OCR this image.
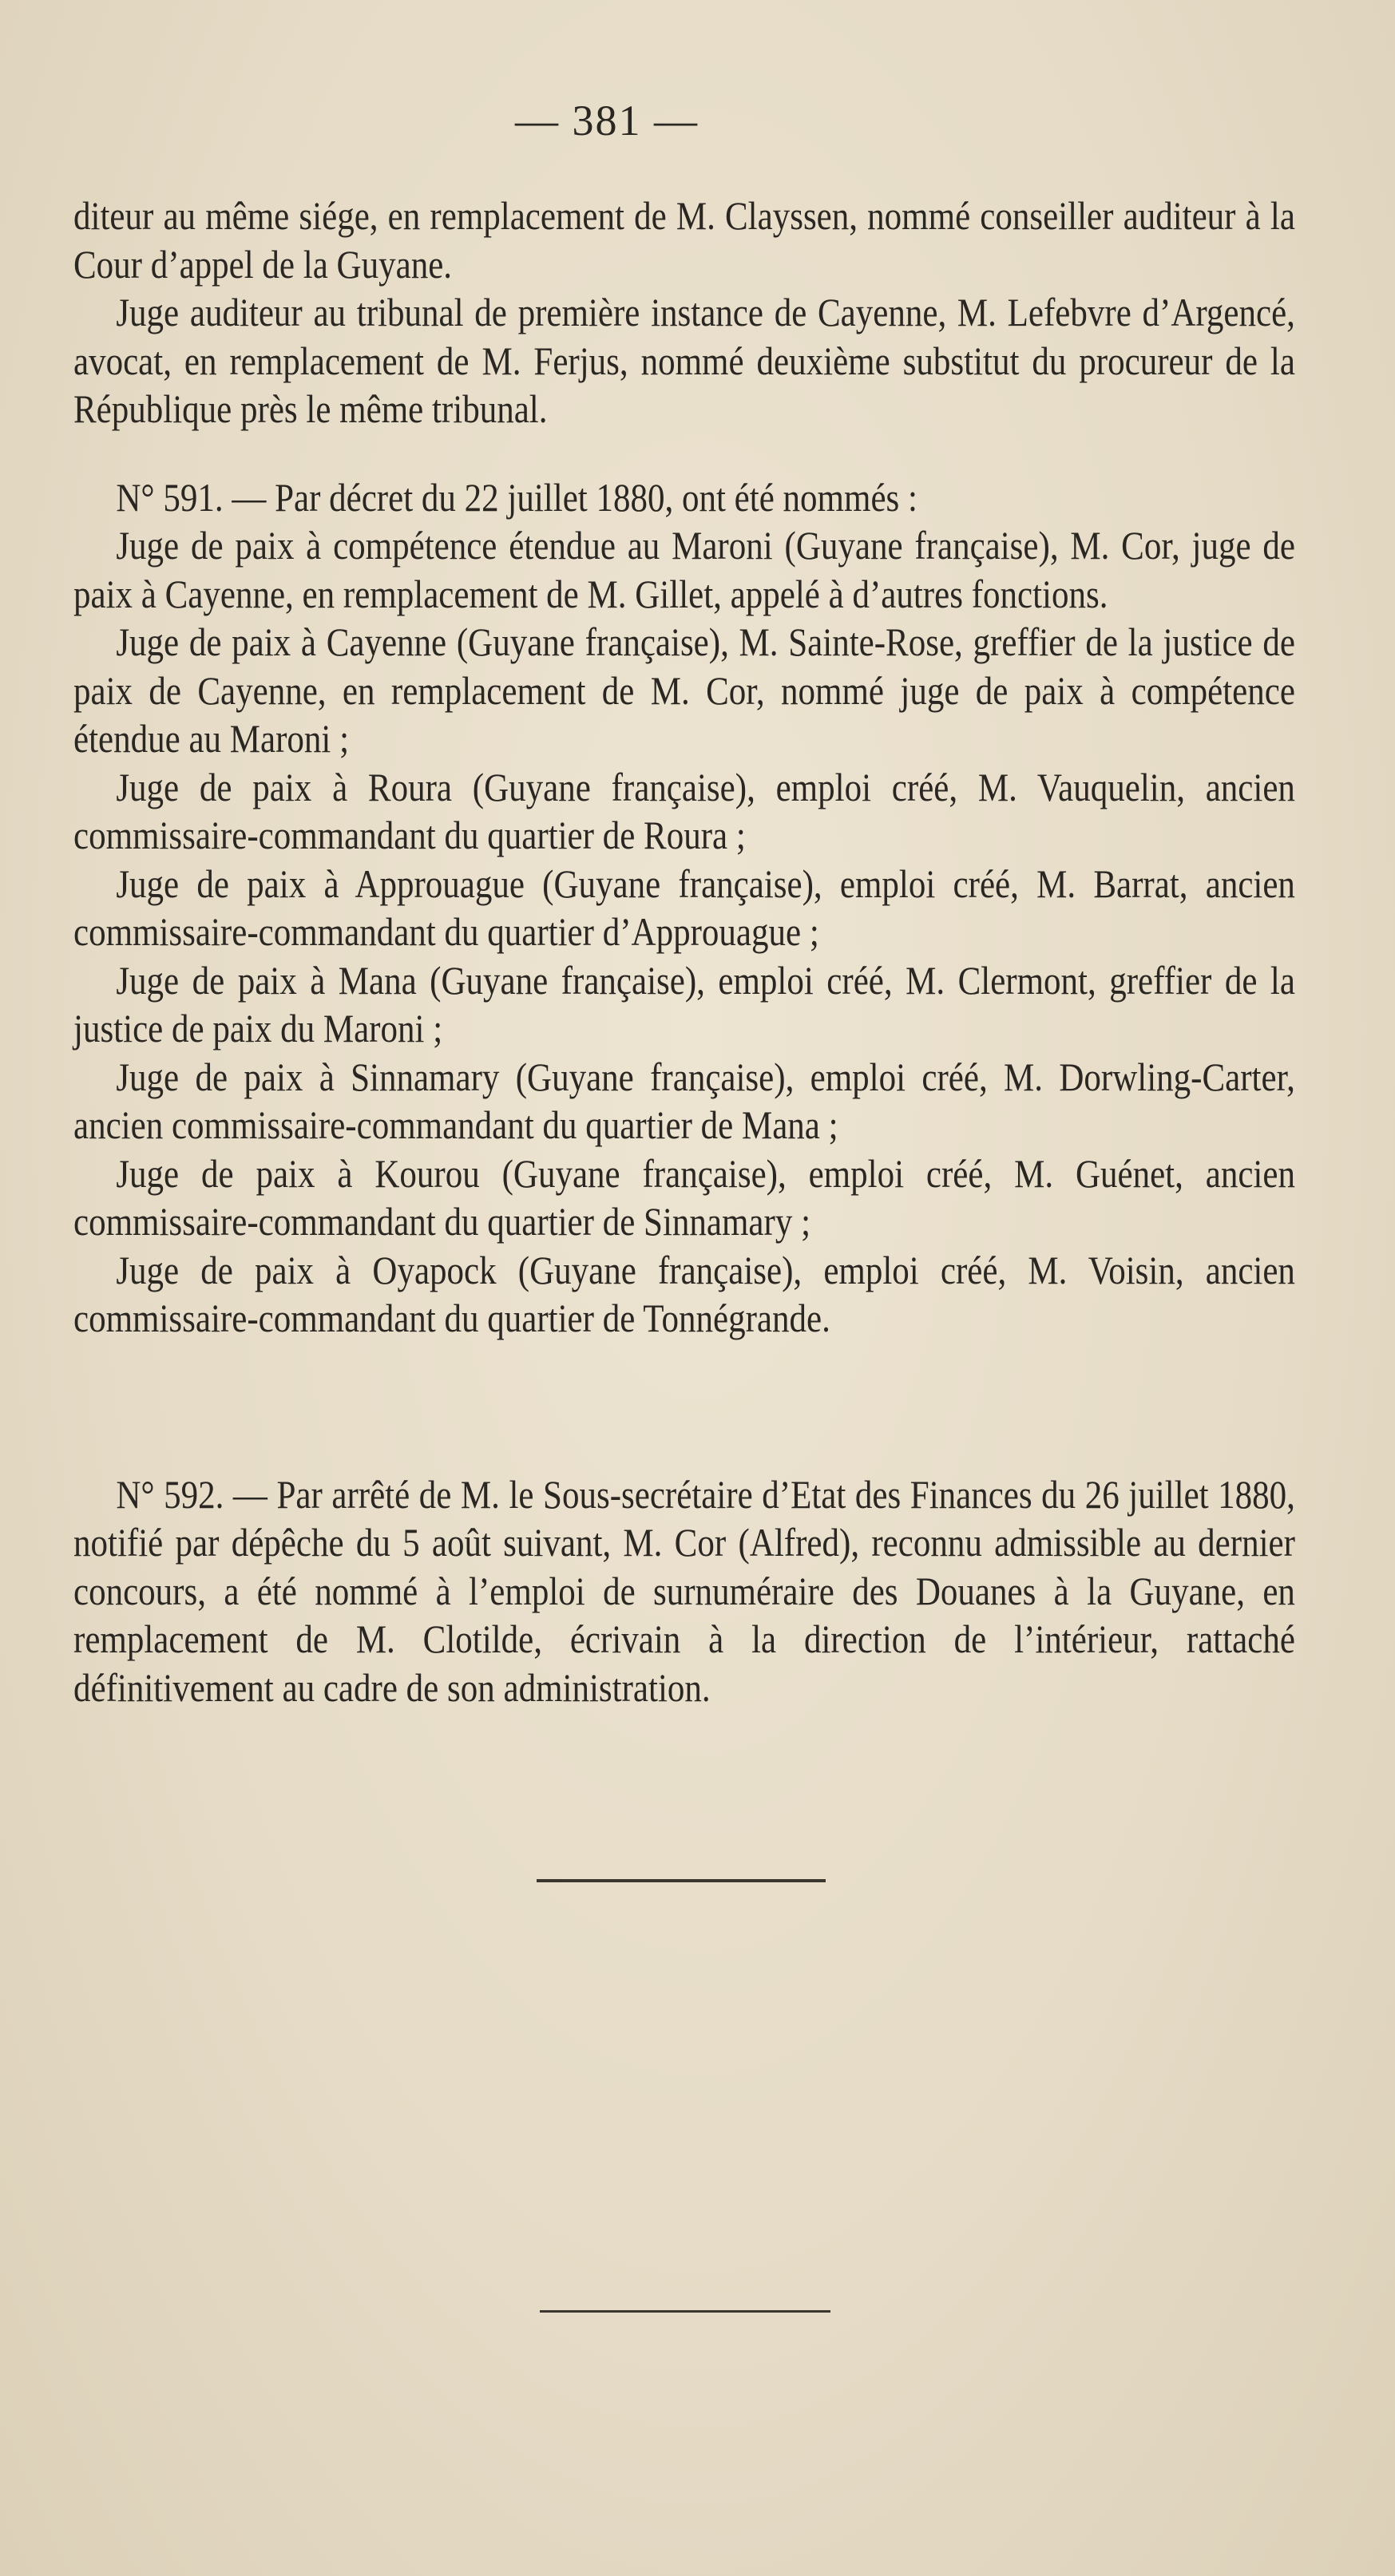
— 381 —

diteur au même siége, en remplacement de M. Clayssen, nommé conseiller auditeur à la Cour d’appel de la Guyane.

Juge auditeur au tribunal de première instance de Cayenne, M. Lefebvre d’Argencé, avocat, en remplacement de M. Ferjus, nommé deuxième substitut du procureur de la République près le même tribunal.

N° 591. — Par décret du 22 juillet 1880, ont été nommés :

Juge de paix à compétence étendue au Maroni (Guyane française), M. Cor, juge de paix à Cayenne, en remplacement de M. Gillet, appelé à d’autres fonctions.

Juge de paix à Cayenne (Guyane française), M. Sainte-Rose, greffier de la justice de paix de Cayenne, en remplacement de M. Cor, nommé juge de paix à compétence étendue au Maroni ;

Juge de paix à Roura (Guyane française), emploi créé, M. Vauquelin, ancien commissaire-commandant du quartier de Roura ;

Juge de paix à Approuague (Guyane française), emploi créé, M. Barrat, ancien commissaire-commandant du quartier d’Approuague ;

Juge de paix à Mana (Guyane française), emploi créé, M. Clermont, greffier de la justice de paix du Maroni ;

Juge de paix à Sinnamary (Guyane française), emploi créé, M. Dorwling-Carter, ancien commissaire-commandant du quartier de Mana ;

Juge de paix à Kourou (Guyane française), emploi créé, M. Guénet, ancien commissaire-commandant du quartier de Sinnamary ;

Juge de paix à Oyapock (Guyane française), emploi créé, M. Voisin, ancien commissaire-commandant du quartier de Tonnégrande.

N° 592. — Par arrêté de M. le Sous-secrétaire d’Etat des Finances du 26 juillet 1880, notifié par dépêche du 5 août suivant, M. Cor (Alfred), reconnu admissible au dernier concours, a été nommé à l’emploi de surnuméraire des Douanes à la Guyane, en remplacement de M. Clotilde, écrivain à la direction de l’intérieur, rattaché définitivement au cadre de son administration.
